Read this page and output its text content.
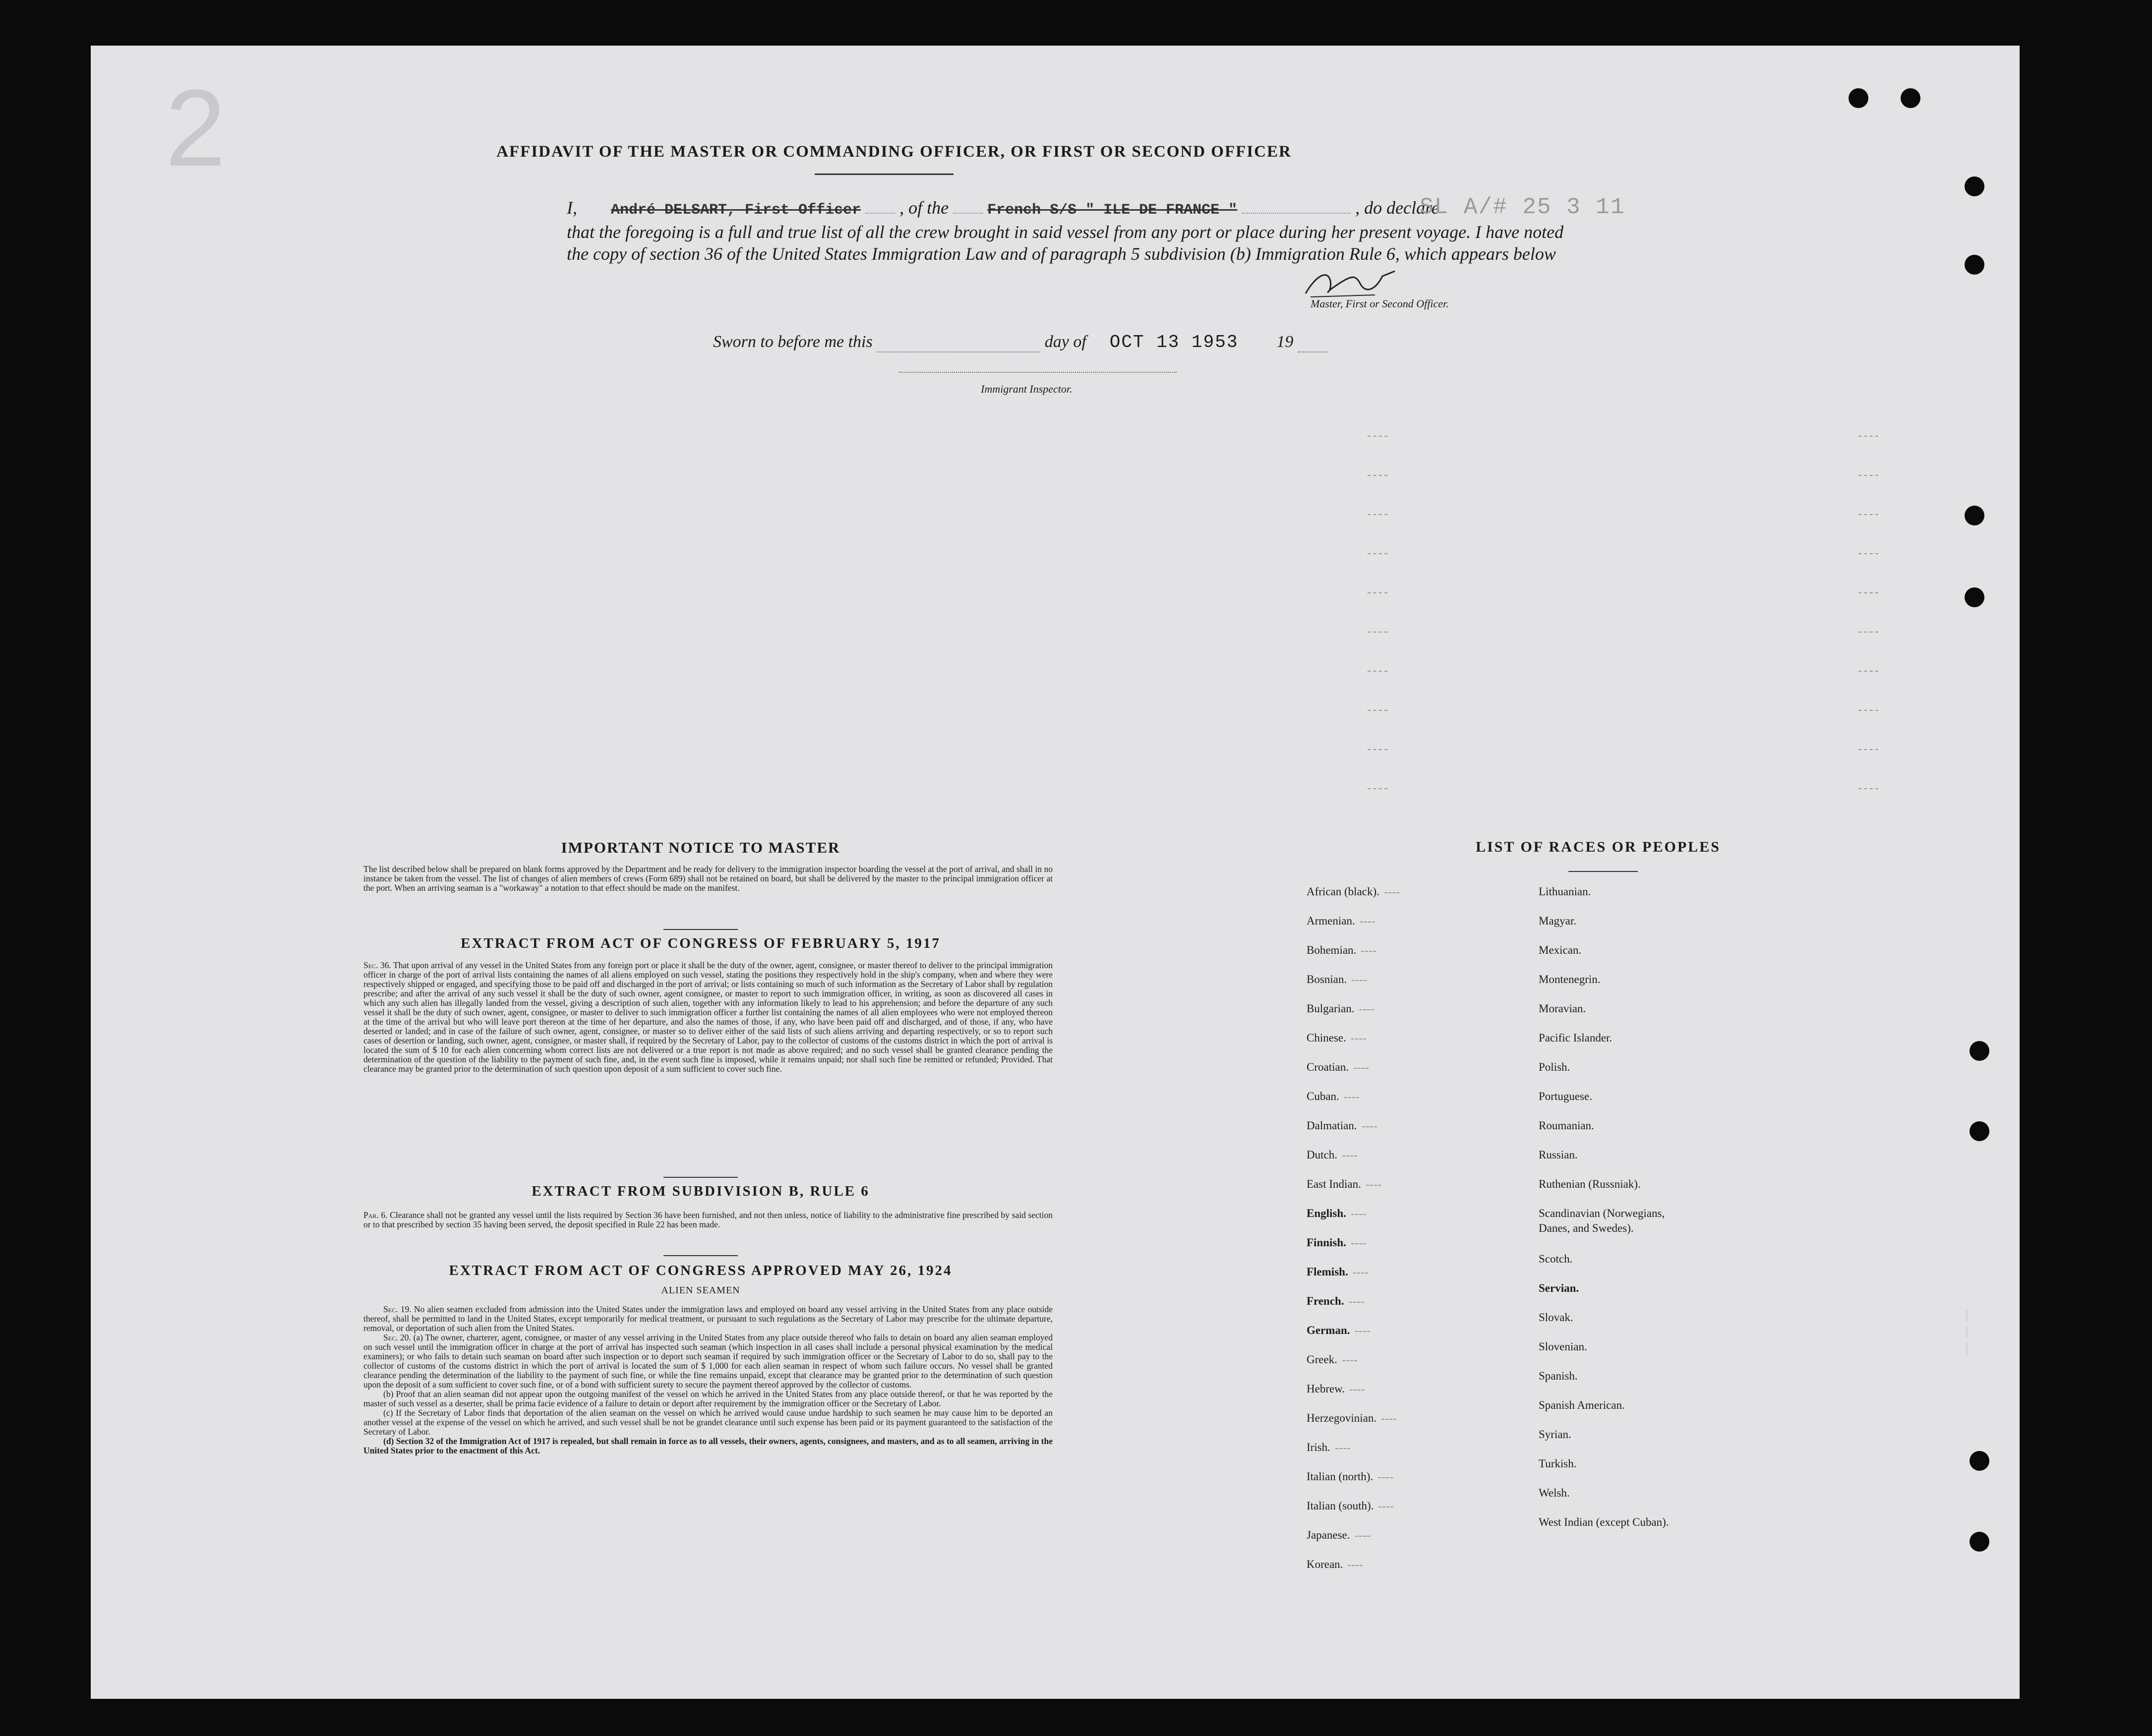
2	AFFIDAVIT OF THE MASTER OR COMMANDING OFFICER, OR FIRST OR SECOND OFFICER
I, André DELSART, First Officer , of the	French S/S " ILE DE FRANCE "	, do declare
that the foregoing is a full and true list of all the crew brought in said vessel from any port or place during her present voyage. I have noted the copy of section 36 of the United States Immigration Law and of paragraph 5 subdivision (b) Immigration Rule 6, which appears below
SL A/# 25 3 11
Master, First or Second Officer.
Sworn to before me this	day of OCT 13 1953 19
Immigrant Inspector.
IMPORTANT NOTICE TO MASTER
The list described below shall be prepared on blank forms approved by the Department and be ready for delivery to the immigration inspector boarding the vessel at the port of arrival, and shall in no instance be taken from the vessel. The list of changes of alien members of crews (Form 689) shall not be retained on board, but shall be delivered by the master to the principal immigration officer at the port. When an arriving seaman is a "workaway" a notation to that effect should be made on the manifest.
EXTRACT FROM ACT OF CONGRESS OF FEBRUARY 5, 1917
Sec. 36. That upon arrival of any vessel in the United States from any foreign port or place it shall be the duty of the owner, agent, consignee, or master thereof to deliver to the principal immigration officer in charge of the port of arrival lists containing the names of all aliens employed on such vessel, stating the positions they respectively hold in the ship's company, when and where they were respectively shipped or engaged, and specifying those to be paid off and discharged in the port of arrival; or lists containing so much of such information as the Secretary of Labor shall by regulation prescribe; and after the arrival of any such vessel it shall be the duty of such owner, agent consignee, or master to report to such immigration officer, in writing, as soon as discovered all cases in which any such alien has illegally landed from the vessel, giving a description of such alien, together with any information likely to lead to his apprehension; and before the departure of any such vessel it shall be the duty of such owner, agent, consignee, or master to deliver to such immigration officer a further list containing the names of all alien employees who were not employed thereon at the time of the arrival but who will leave port thereon at the time of her departure, and also the names of those, if any, who have been paid off and discharged, and of those, if any, who have deserted or landed; and in case of the failure of such owner, agent, consignee, or master so to deliver either of the said lists of such aliens arriving and departing respectively, or so to report such cases of desertion or landing, such owner, agent, consignee, or master shall, if required by the Secretary of Labor, pay to the collector of customs of the customs district in which the port of arrival is located the sum of $ 10 for each alien concerning whom correct lists are not delivered or a true report is not made as above required; and no such vessel shall be granted clearance pending the determination of the question of the liability to the payment of such fine, and, in the event such fine is imposed, while it remains unpaid; nor shall such fine be remitted or refunded; Provided. That clearance may be granted prior to the determination of such question upon deposit of a sum sufficient to cover such fine.
EXTRACT FROM SUBDIVISION B, RULE 6
Par. 6. Clearance shall not be granted any vessel until the lists required by Section 36 have been furnished, and not then unless, notice of liability to the administrative fine prescribed by said section or to that prescribed by section 35 having been served, the deposit specified in Rule 22 has been made.
EXTRACT FROM ACT OF CONGRESS APPROVED MAY 26, 1924
ALIEN SEAMEN
Sec. 19. No alien seamen excluded from admission into the United States under the immigration laws and employed on board any vessel arriving in the United States from any place outside thereof, shall be permitted to land in the United States, except temporarily for medical treatment, or pursuant to such regulations as the Secretary of Labor may prescribe for the ultimate departure, removal, or deportation of such alien from the United States.
Sec. 20. (a) The owner, charterer, agent, consignee, or master of any vessel arriving in the United States from any place outside thereof who fails to detain on board any alien seaman employed on such vessel until the immigration officer in charge at the port of arrival has inspected such seaman (which inspection in all cases shall include a personal physical examination by the medical examiners); or who fails to detain such seaman on board after such inspection or to deport such seaman if required by such immigration officer or the Secretary of Labor to do so, shall pay to the collector of customs of the customs district in which the port of arrival is located the sum of $ 1,000 for each alien seaman in respect of whom such failure occurs. No vessel shall be granted clearance pending the determination of the liability to the payment of such fine, or while the fine remains unpaid, except that clearance may be granted prior to the determination of such question upon the deposit of a sum sufficient to cover such fine, or of a bond with sufficient surety to secure the payment thereof approved by the collector of customs.
(b) Proof that an alien seaman did not appear upon the outgoing manifest of the vessel on which he arrived in the United States from any place outside thereof, or that he was reported by the master of such vessel as a deserter, shall be prima facie evidence of a failure to detain or deport after requirement by the immigration officer or the Secretary of Labor.
(c) If the Secretary of Labor finds that deportation of the alien seaman on the vessel on which he arrived would cause undue hardship to such seamen he may cause him to be deported an another vessel at the expense of the vessel on which he arrived, and such vessel shall be not be grandet clearance until such expense has been paid or its payment guaranteed to the satisfaction of the Secretary of Labor.
(d) Section 32 of the Immigration Act of 1917 is repealed, but shall remain in force as to all vessels, their owners, agents, consignees, and masters, and as to all seamen, arriving in the United States prior to the enactment of this Act.
LIST OF RACES OR PEOPLES
African (black).
Armenian.
Bohemian.
Bosnian.
Bulgarian.
Chinese.
Croatian.
Cuban.
Dalmatian.
Dutch.
East Indian.
English.
Finnish.
Flemish.
French.
German.
Greek.
Hebrew.
Herzegovinian.
Irish.
Italian (north).
Italian (south).
Japanese.
Korean.
Lithuanian.
Magyar.
Mexican.
Montenegrin.
Moravian.
Pacific Islander.
Polish.
Portuguese.
Roumanian.
Russian.
Ruthenian (Russniak).
Scandinavian (Norwegians, Danes, and Swedes).
Scotch.
Servian.
Slovak.
Slovenian.
Spanish.
Spanish American.
Syrian.
Turkish.
Welsh.
West Indian (except Cuban).
— — —
